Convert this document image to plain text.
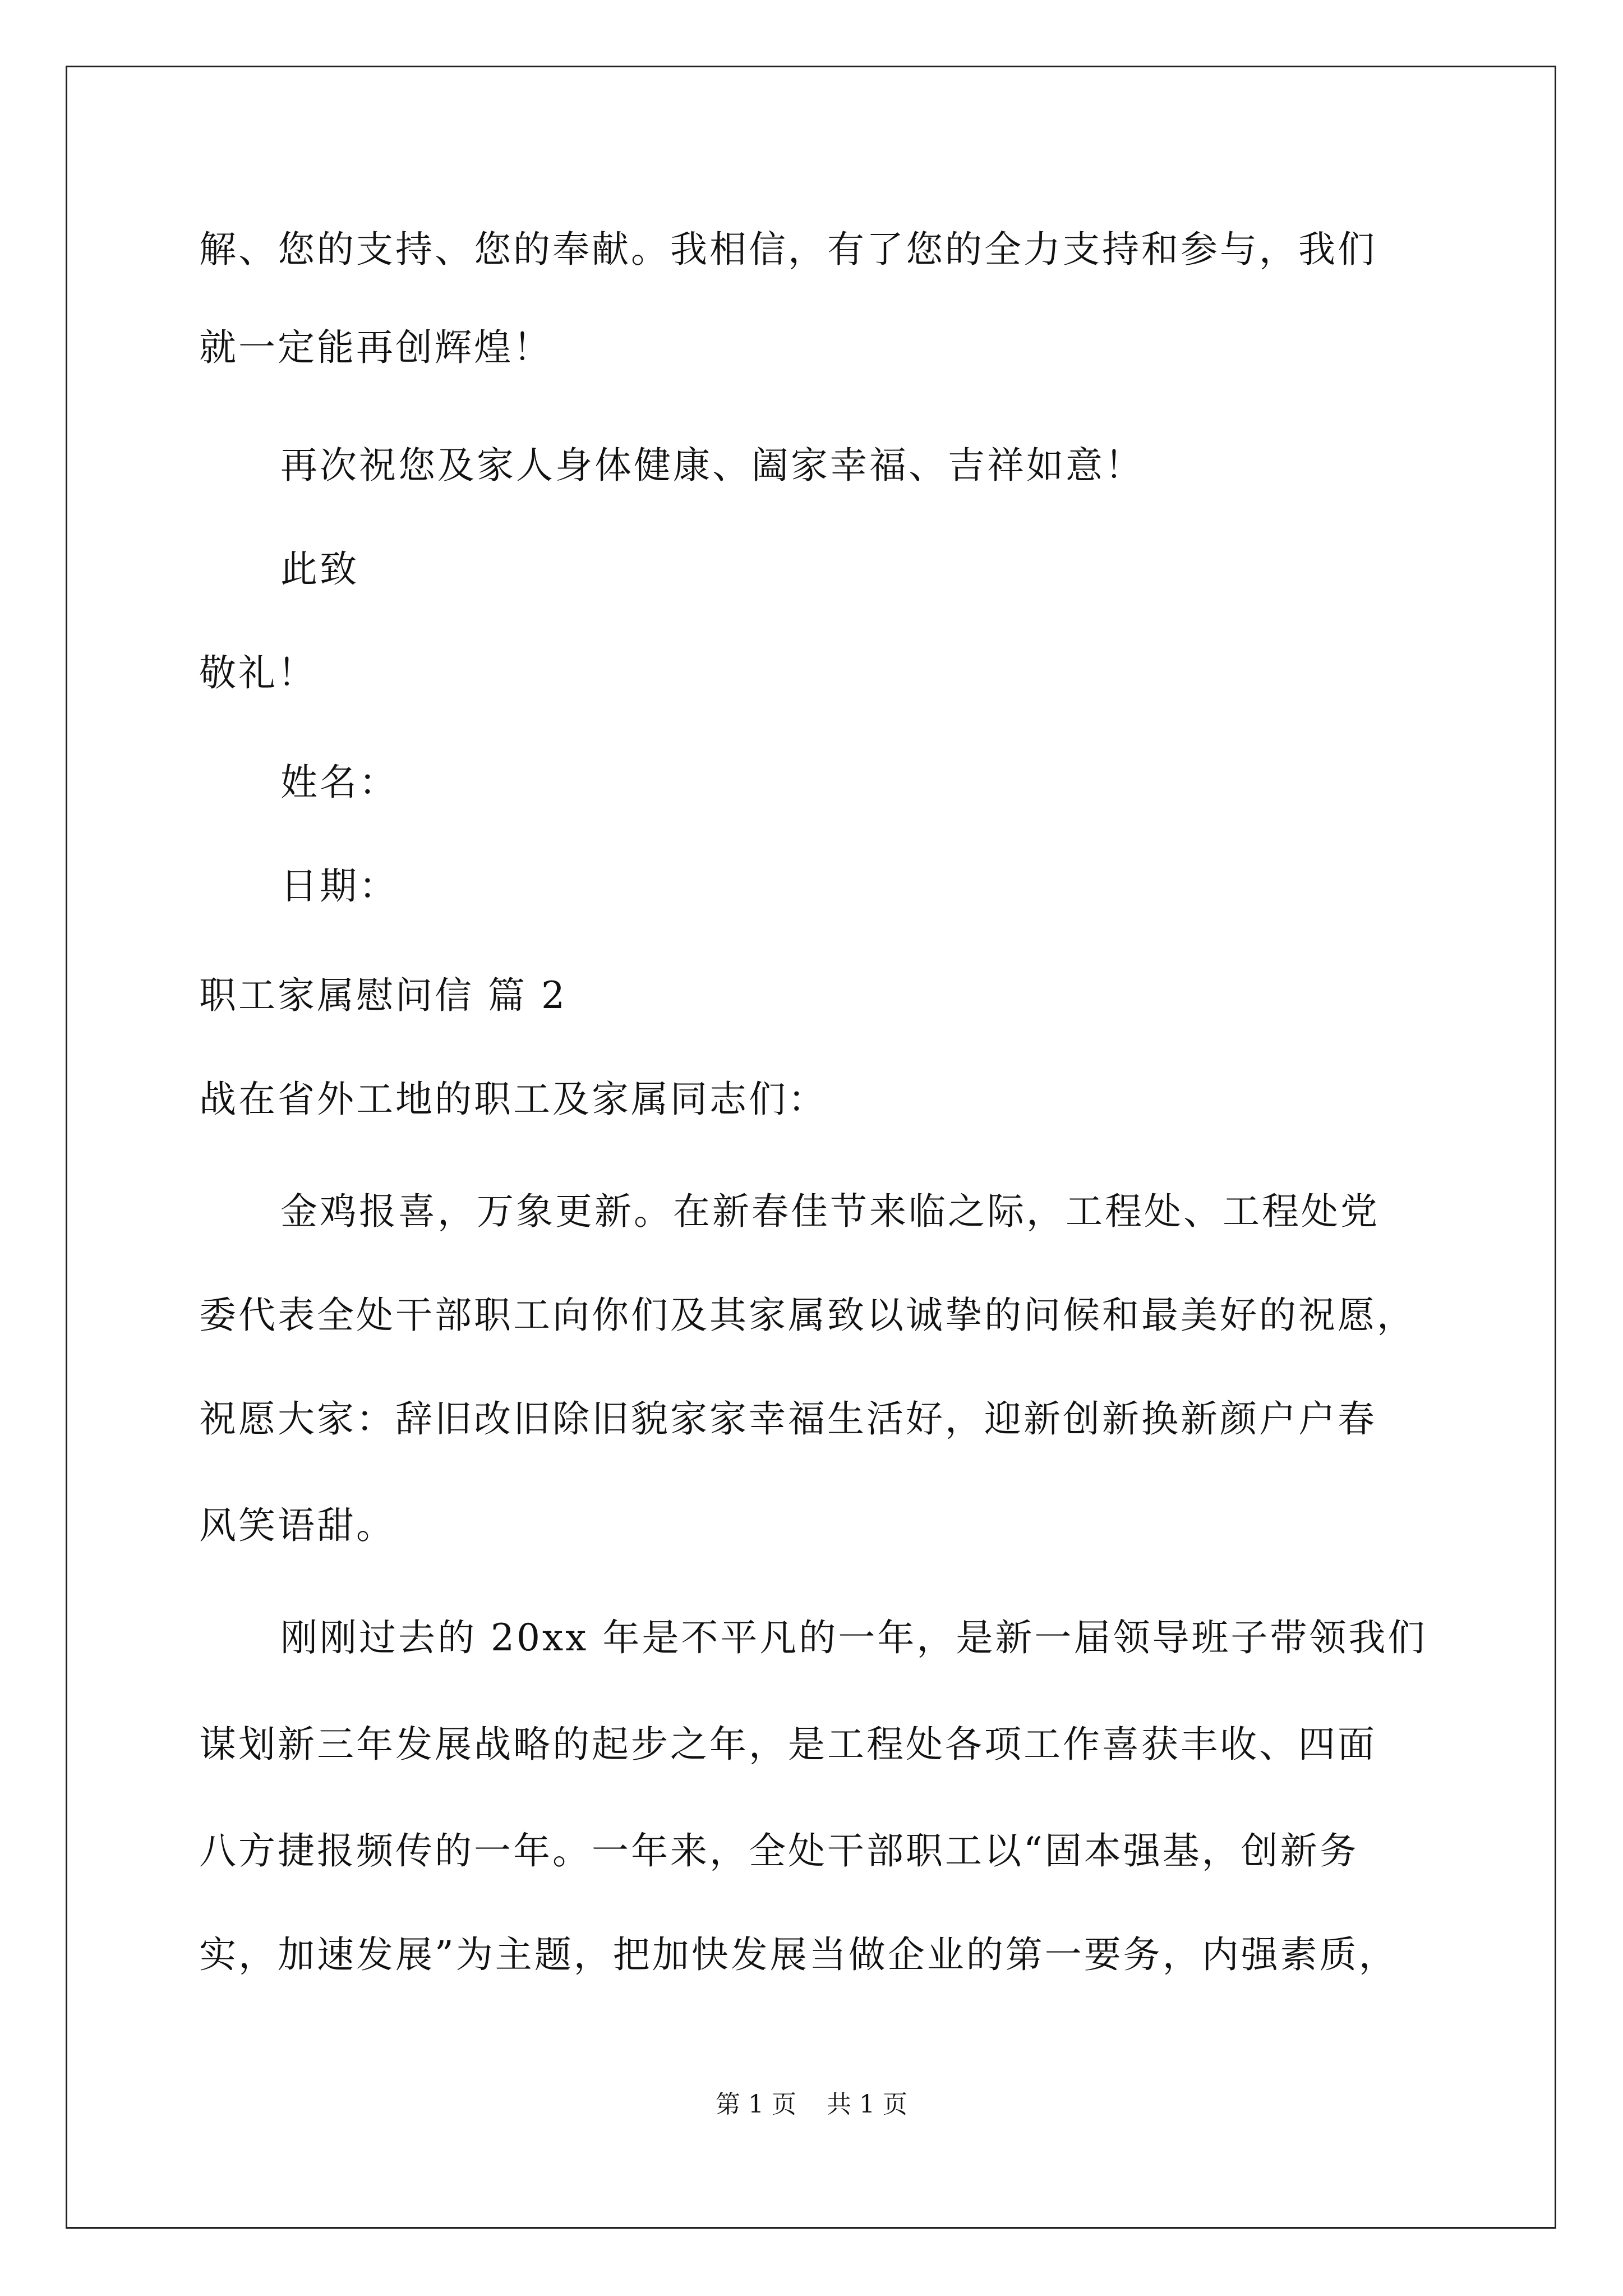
解、您的支持、您的奉献。我相信，有了您的全力支持和参与，我们
就一定能再创辉煌！
再次祝您及家人身体健康、阖家幸福、吉祥如意！
此致
敬礼！
姓名：
日期：
职工家属慰问信 篇 2
战在省外工地的职工及家属同志们：
金鸡报喜，万象更新。在新春佳节来临之际，工程处、工程处党
委代表全处干部职工向你们及其家属致以诚挚的问候和最美好的祝愿，
祝愿大家：辞旧改旧除旧貌家家幸福生活好，迎新创新换新颜户户春
风笑语甜。
刚刚过去的 20xx 年是不平凡的一年，是新一届领导班子带领我们
谋划新三年发展战略的起步之年，是工程处各项工作喜获丰收、四面
八方捷报频传的一年。一年来，全处干部职工以“固本强基，创新务
实，加速发展”为主题，把加快发展当做企业的第一要务，内强素质，
第 1 页 共 1 页
